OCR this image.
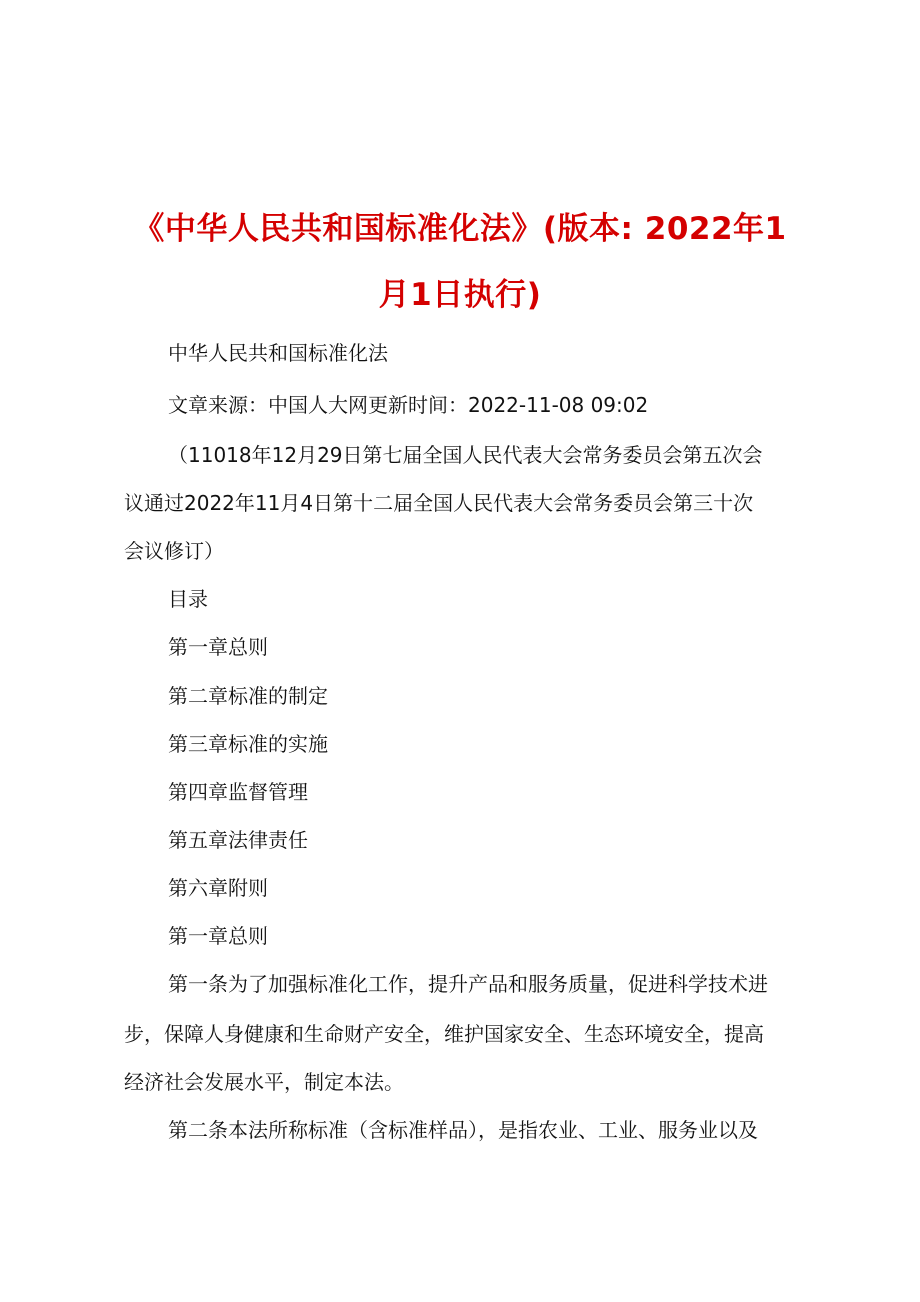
《中华人民共和国标准化法》(版本: 2022年1
月1日执行)
中华人民共和国标准化法
文章来源：中国人大网更新时间：2022-11-08 09:02
（11018年12月29日第七届全国人民代表大会常务委员会第五次会
议通过2022年11月4日第十二届全国人民代表大会常务委员会第三十次
会议修订）
目录
第一章总则
第二章标准的制定
第三章标准的实施
第四章监督管理
第五章法律责任
第六章附则
第一章总则
第一条为了加强标准化工作，提升产品和服务质量，促进科学技术进
步，保障人身健康和生命财产安全，维护国家安全、生态环境安全，提高
经济社会发展水平，制定本法。
第二条本法所称标准（含标准样品），是指农业、工业、服务业以及
